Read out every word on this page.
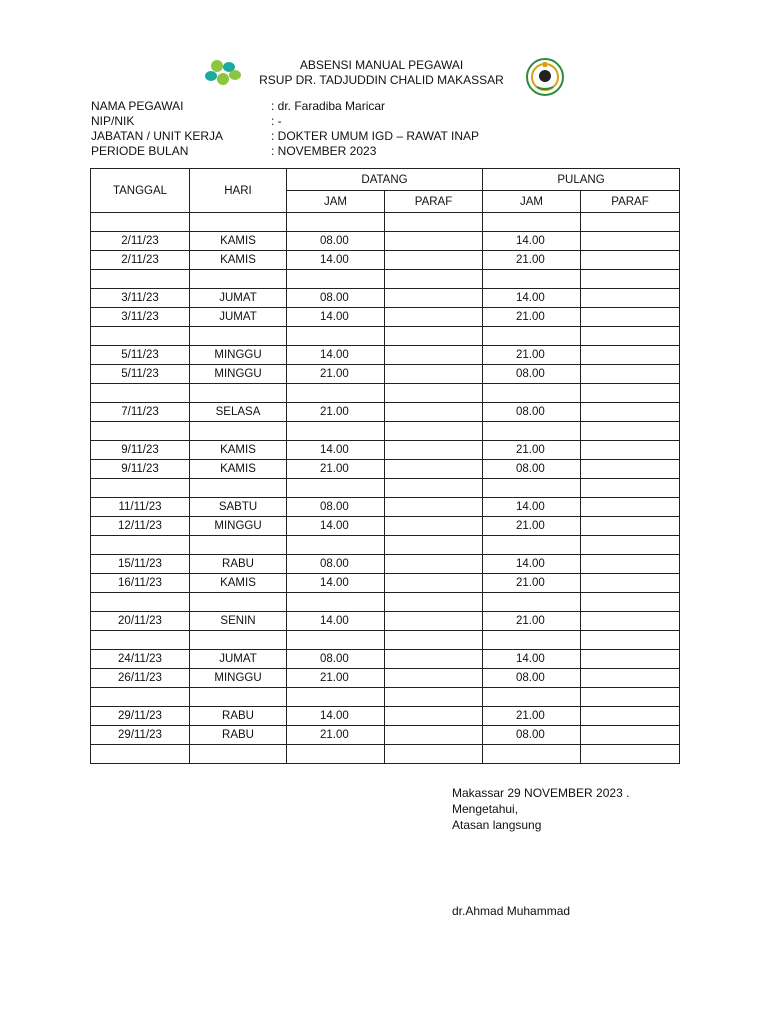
ABSENSI MANUAL PEGAWAI
RSUP DR. TADJUDDIN CHALID MAKASSAR
NAMA PEGAWAI	: dr. Faradiba Maricar
NIP/NIK	: -
JABATAN / UNIT KERJA	: DOKTER UMUM IGD – RAWAT INAP
PERIODE BULAN	: NOVEMBER 2023
TANGGAL	HARI	DATANG		PULANG	
		JAM	PARAF	JAM	PARAF

2/11/23	KAMIS	08.00		14.00	
2/11/23	KAMIS	14.00		21.00	

3/11/23	JUMAT	08.00		14.00	
3/11/23	JUMAT	14.00		21.00	

5/11/23	MINGGU	14.00		21.00	
5/11/23	MINGGU	21.00		08.00	

7/11/23	SELASA	21.00		08.00	

9/11/23	KAMIS	14.00		21.00	
9/11/23	KAMIS	21.00		08.00	

11/11/23	SABTU	08.00		14.00	
12/11/23	MINGGU	14.00		21.00	

15/11/23	RABU	08.00		14.00	
16/11/23	KAMIS	14.00		21.00	

20/11/23	SENIN	14.00		21.00	

24/11/23	JUMAT	08.00		14.00	
26/11/23	MINGGU	21.00		08.00	

29/11/23	RABU	14.00		21.00	
29/11/23	RABU	21.00		08.00	

Makassar 29 NOVEMBER 2023 .
Mengetahui,
Atasan langsung
dr.Ahmad Muhammad
